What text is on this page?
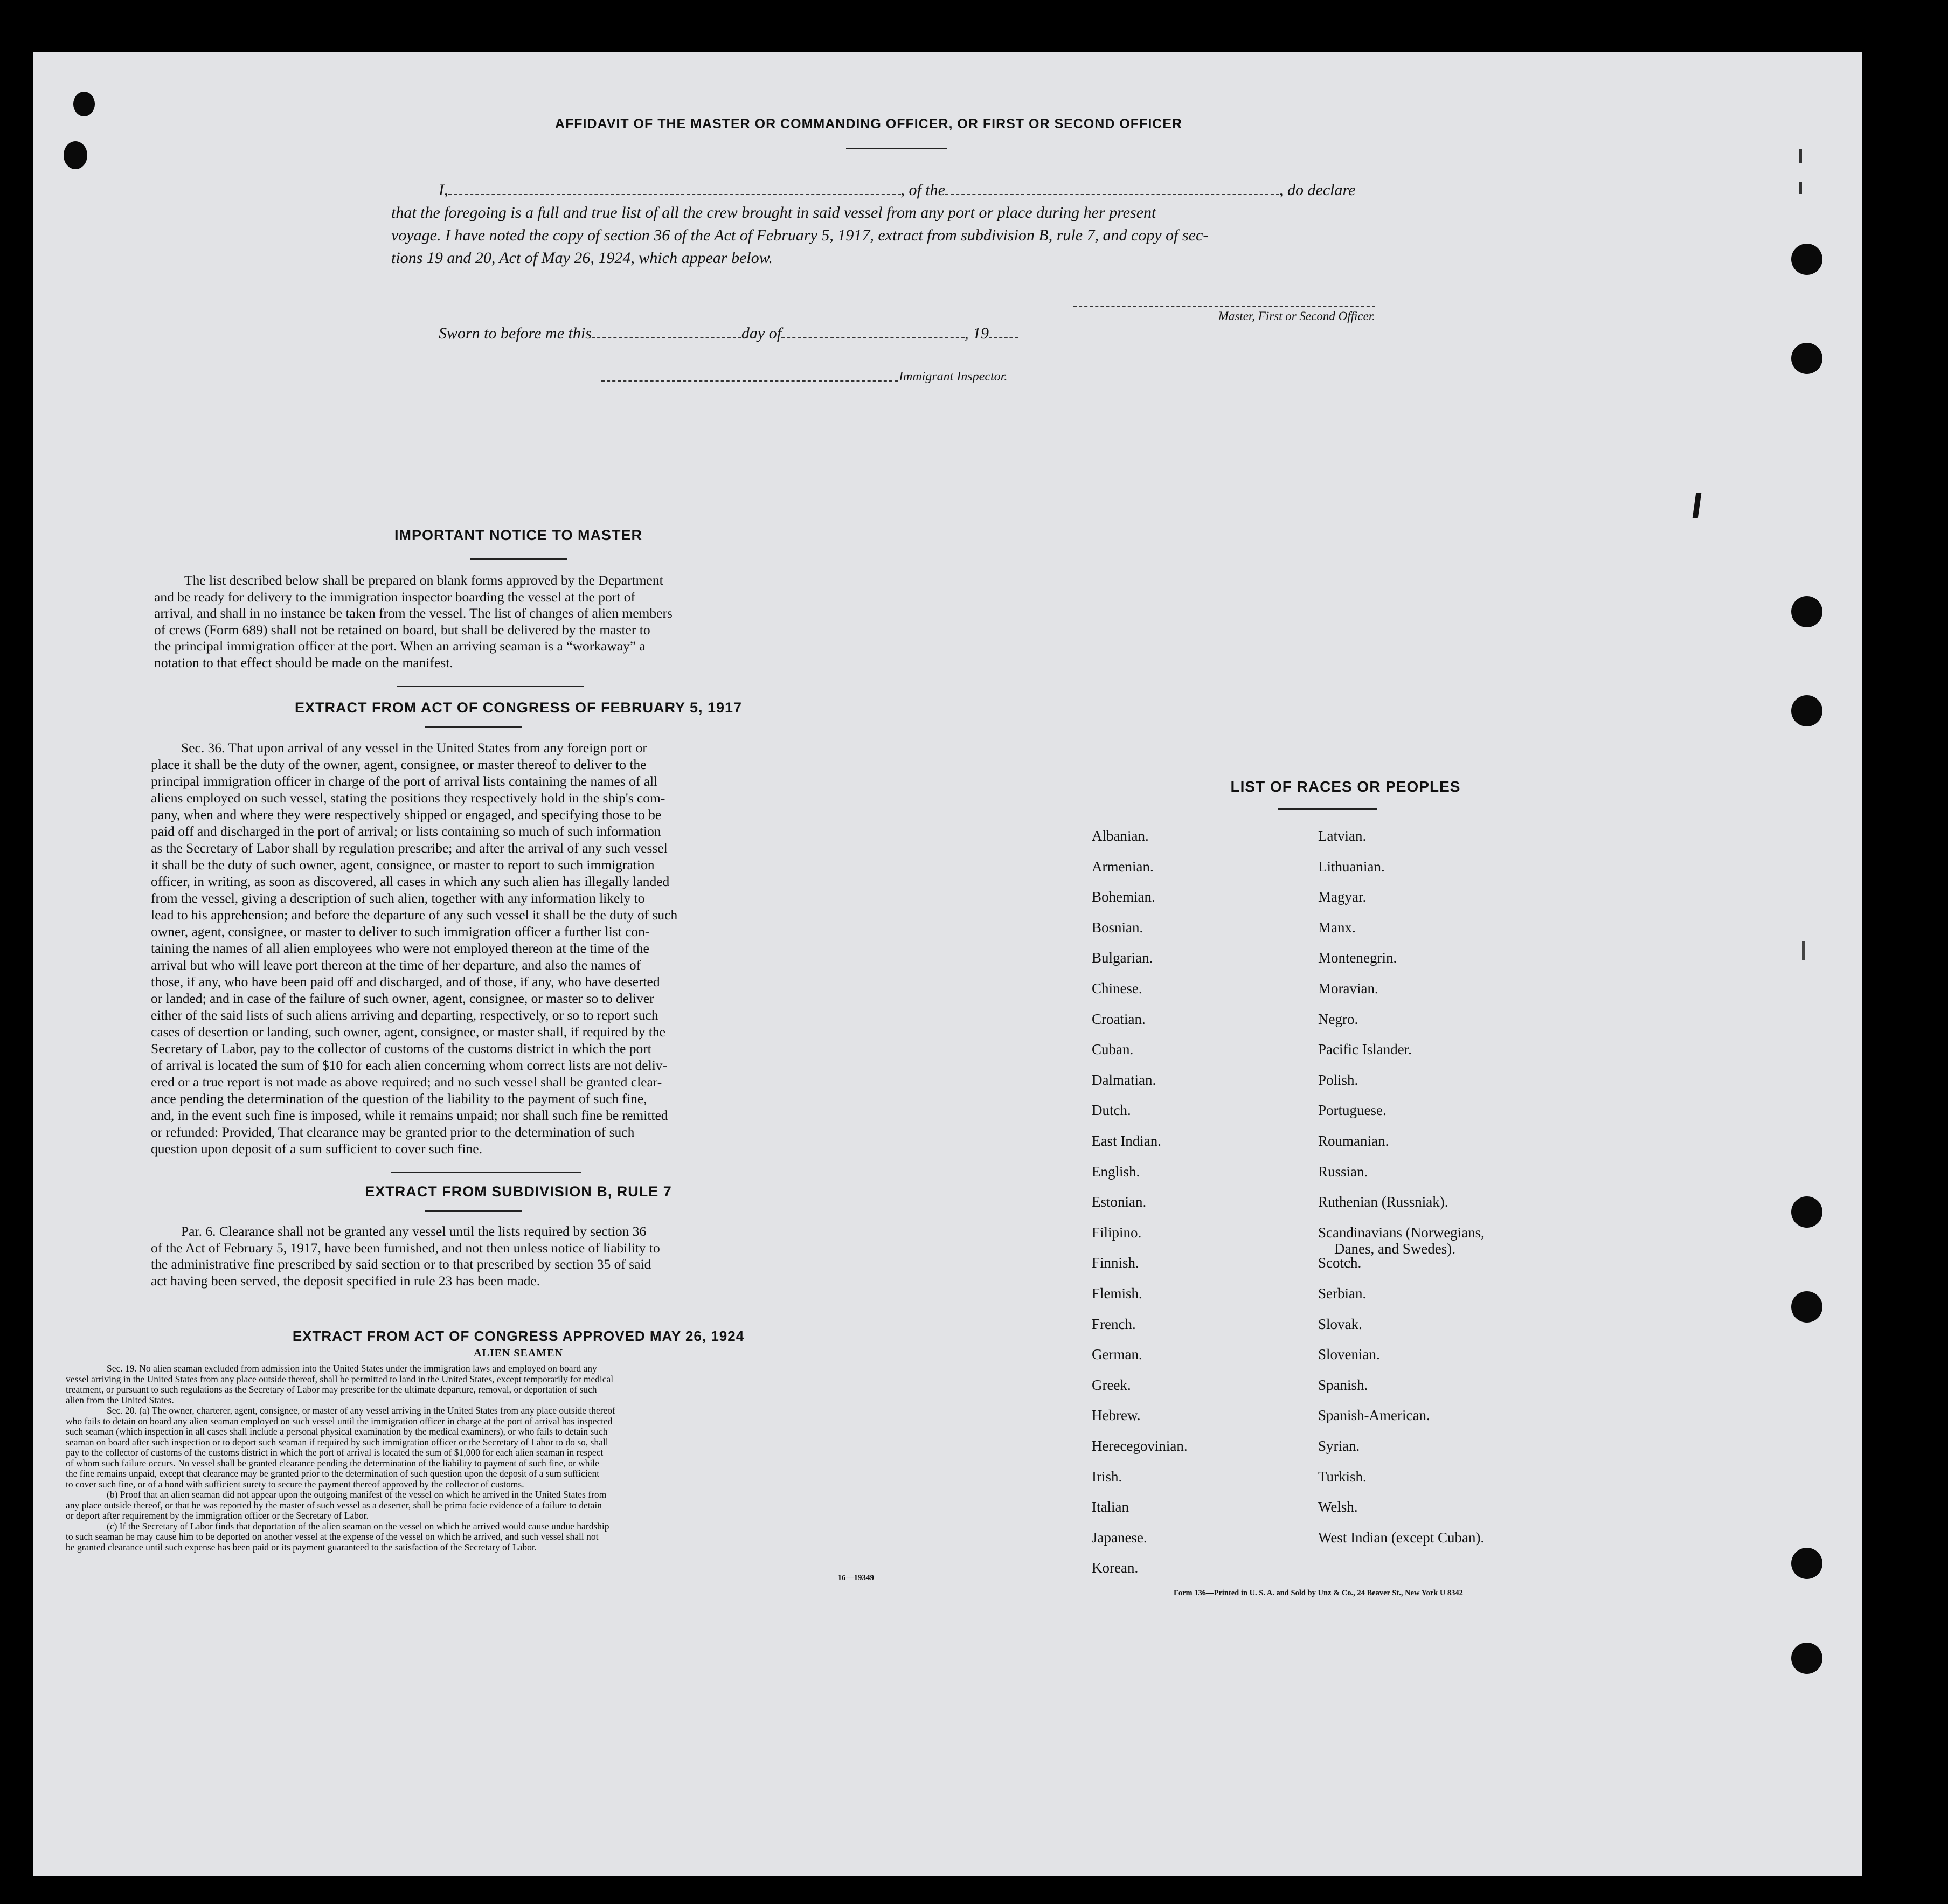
AFFIDAVIT OF THE MASTER OR COMMANDING OFFICER, OR FIRST OR SECOND OFFICER
I,	, of the	, do declare
that the foregoing is a full and true list of all the crew brought in said vessel from any port or place during her present
voyage. I have noted the copy of section 36 of the Act of February 5, 1917, extract from subdivision B, rule 7, and copy of sec-
tions 19 and 20, Act of May 26, 1924, which appear below.
Master, First or Second Officer.
Sworn to before me this	day of	, 19
Immigrant Inspector.
IMPORTANT NOTICE TO MASTER
The list described below shall be prepared on blank forms approved by the Department
and be ready for delivery to the immigration inspector boarding the vessel at the port of
arrival, and shall in no instance be taken from the vessel. The list of changes of alien members
of crews (Form 689) shall not be retained on board, but shall be delivered by the master to
the principal immigration officer at the port. When an arriving seaman is a “workaway” a
notation to that effect should be made on the manifest.
EXTRACT FROM ACT OF CONGRESS OF FEBRUARY 5, 1917
Sec. 36. That upon arrival of any vessel in the United States from any foreign port or
place it shall be the duty of the owner, agent, consignee, or master thereof to deliver to the
principal immigration officer in charge of the port of arrival lists containing the names of all
aliens employed on such vessel, stating the positions they respectively hold in the ship's com-
pany, when and where they were respectively shipped or engaged, and specifying those to be
paid off and discharged in the port of arrival; or lists containing so much of such information
as the Secretary of Labor shall by regulation prescribe; and after the arrival of any such vessel
it shall be the duty of such owner, agent, consignee, or master to report to such immigration
officer, in writing, as soon as discovered, all cases in which any such alien has illegally landed
from the vessel, giving a description of such alien, together with any information likely to
lead to his apprehension; and before the departure of any such vessel it shall be the duty of such
owner, agent, consignee, or master to deliver to such immigration officer a further list con-
taining the names of all alien employees who were not employed thereon at the time of the
arrival but who will leave port thereon at the time of her departure, and also the names of
those, if any, who have been paid off and discharged, and of those, if any, who have deserted
or landed; and in case of the failure of such owner, agent, consignee, or master so to deliver
either of the said lists of such aliens arriving and departing, respectively, or so to report such
cases of desertion or landing, such owner, agent, consignee, or master shall, if required by the
Secretary of Labor, pay to the collector of customs of the customs district in which the port
of arrival is located the sum of $10 for each alien concerning whom correct lists are not deliv-
ered or a true report is not made as above required; and no such vessel shall be granted clear-
ance pending the determination of the question of the liability to the payment of such fine,
and, in the event such fine is imposed, while it remains unpaid; nor shall such fine be remitted
or refunded: Provided, That clearance may be granted prior to the determination of such
question upon deposit of a sum sufficient to cover such fine.
EXTRACT FROM SUBDIVISION B, RULE 7
Par. 6. Clearance shall not be granted any vessel until the lists required by section 36
of the Act of February 5, 1917, have been furnished, and not then unless notice of liability to
the administrative fine prescribed by said section or to that prescribed by section 35 of said
act having been served, the deposit specified in rule 23 has been made.
EXTRACT FROM ACT OF CONGRESS APPROVED MAY 26, 1924
ALIEN SEAMEN
Sec. 19. No alien seaman excluded from admission into the United States under the immigration laws and employed on board any
vessel arriving in the United States from any place outside thereof, shall be permitted to land in the United States, except temporarily for medical
treatment, or pursuant to such regulations as the Secretary of Labor may prescribe for the ultimate departure, removal, or deportation of such
alien from the United States.
Sec. 20. (a) The owner, charterer, agent, consignee, or master of any vessel arriving in the United States from any place outside thereof
who fails to detain on board any alien seaman employed on such vessel until the immigration officer in charge at the port of arrival has inspected
such seaman (which inspection in all cases shall include a personal physical examination by the medical examiners), or who fails to detain such
seaman on board after such inspection or to deport such seaman if required by such immigration officer or the Secretary of Labor to do so, shall
pay to the collector of customs of the customs district in which the port of arrival is located the sum of $1,000 for each alien seaman in respect
of whom such failure occurs. No vessel shall be granted clearance pending the determination of the liability to payment of such fine, or while
the fine remains unpaid, except that clearance may be granted prior to the determination of such question upon the deposit of a sum sufficient
to cover such fine, or of a bond with sufficient surety to secure the payment thereof approved by the collector of customs.
(b) Proof that an alien seaman did not appear upon the outgoing manifest of the vessel on which he arrived in the United States from
any place outside thereof, or that he was reported by the master of such vessel as a deserter, shall be prima facie evidence of a failure to detain
or deport after requirement by the immigration officer or the Secretary of Labor.
(c) If the Secretary of Labor finds that deportation of the alien seaman on the vessel on which he arrived would cause undue hardship
to such seaman he may cause him to be deported on another vessel at the expense of the vessel on which he arrived, and such vessel shall not
be granted clearance until such expense has been paid or its payment guaranteed to the satisfaction of the Secretary of Labor.
16—19349
LIST OF RACES OR PEOPLES
Form 136—Printed in U. S. A. and Sold by Unz & Co., 24 Beaver St., New York U 8342
Albanian.
Armenian.
Bohemian.
Bosnian.
Bulgarian.
Chinese.
Croatian.
Cuban.
Dalmatian.
Dutch.
East Indian.
English.
Estonian.
Filipino.
Finnish.
Flemish.
French.
German.
Greek.
Hebrew.
Herecegovinian.
Irish.
Italian
Japanese.
Korean.
Latvian.
Lithuanian.
Magyar.
Manx.
Montenegrin.
Moravian.
Negro.
Pacific Islander.
Polish.
Portuguese.
Roumanian.
Russian.
Ruthenian (Russniak).
Scandinavians (Norwegians,
Danes, and Swedes).
Scotch.
Serbian.
Slovak.
Slovenian.
Spanish.
Spanish-American.
Syrian.
Turkish.
Welsh.
West Indian (except Cuban).
